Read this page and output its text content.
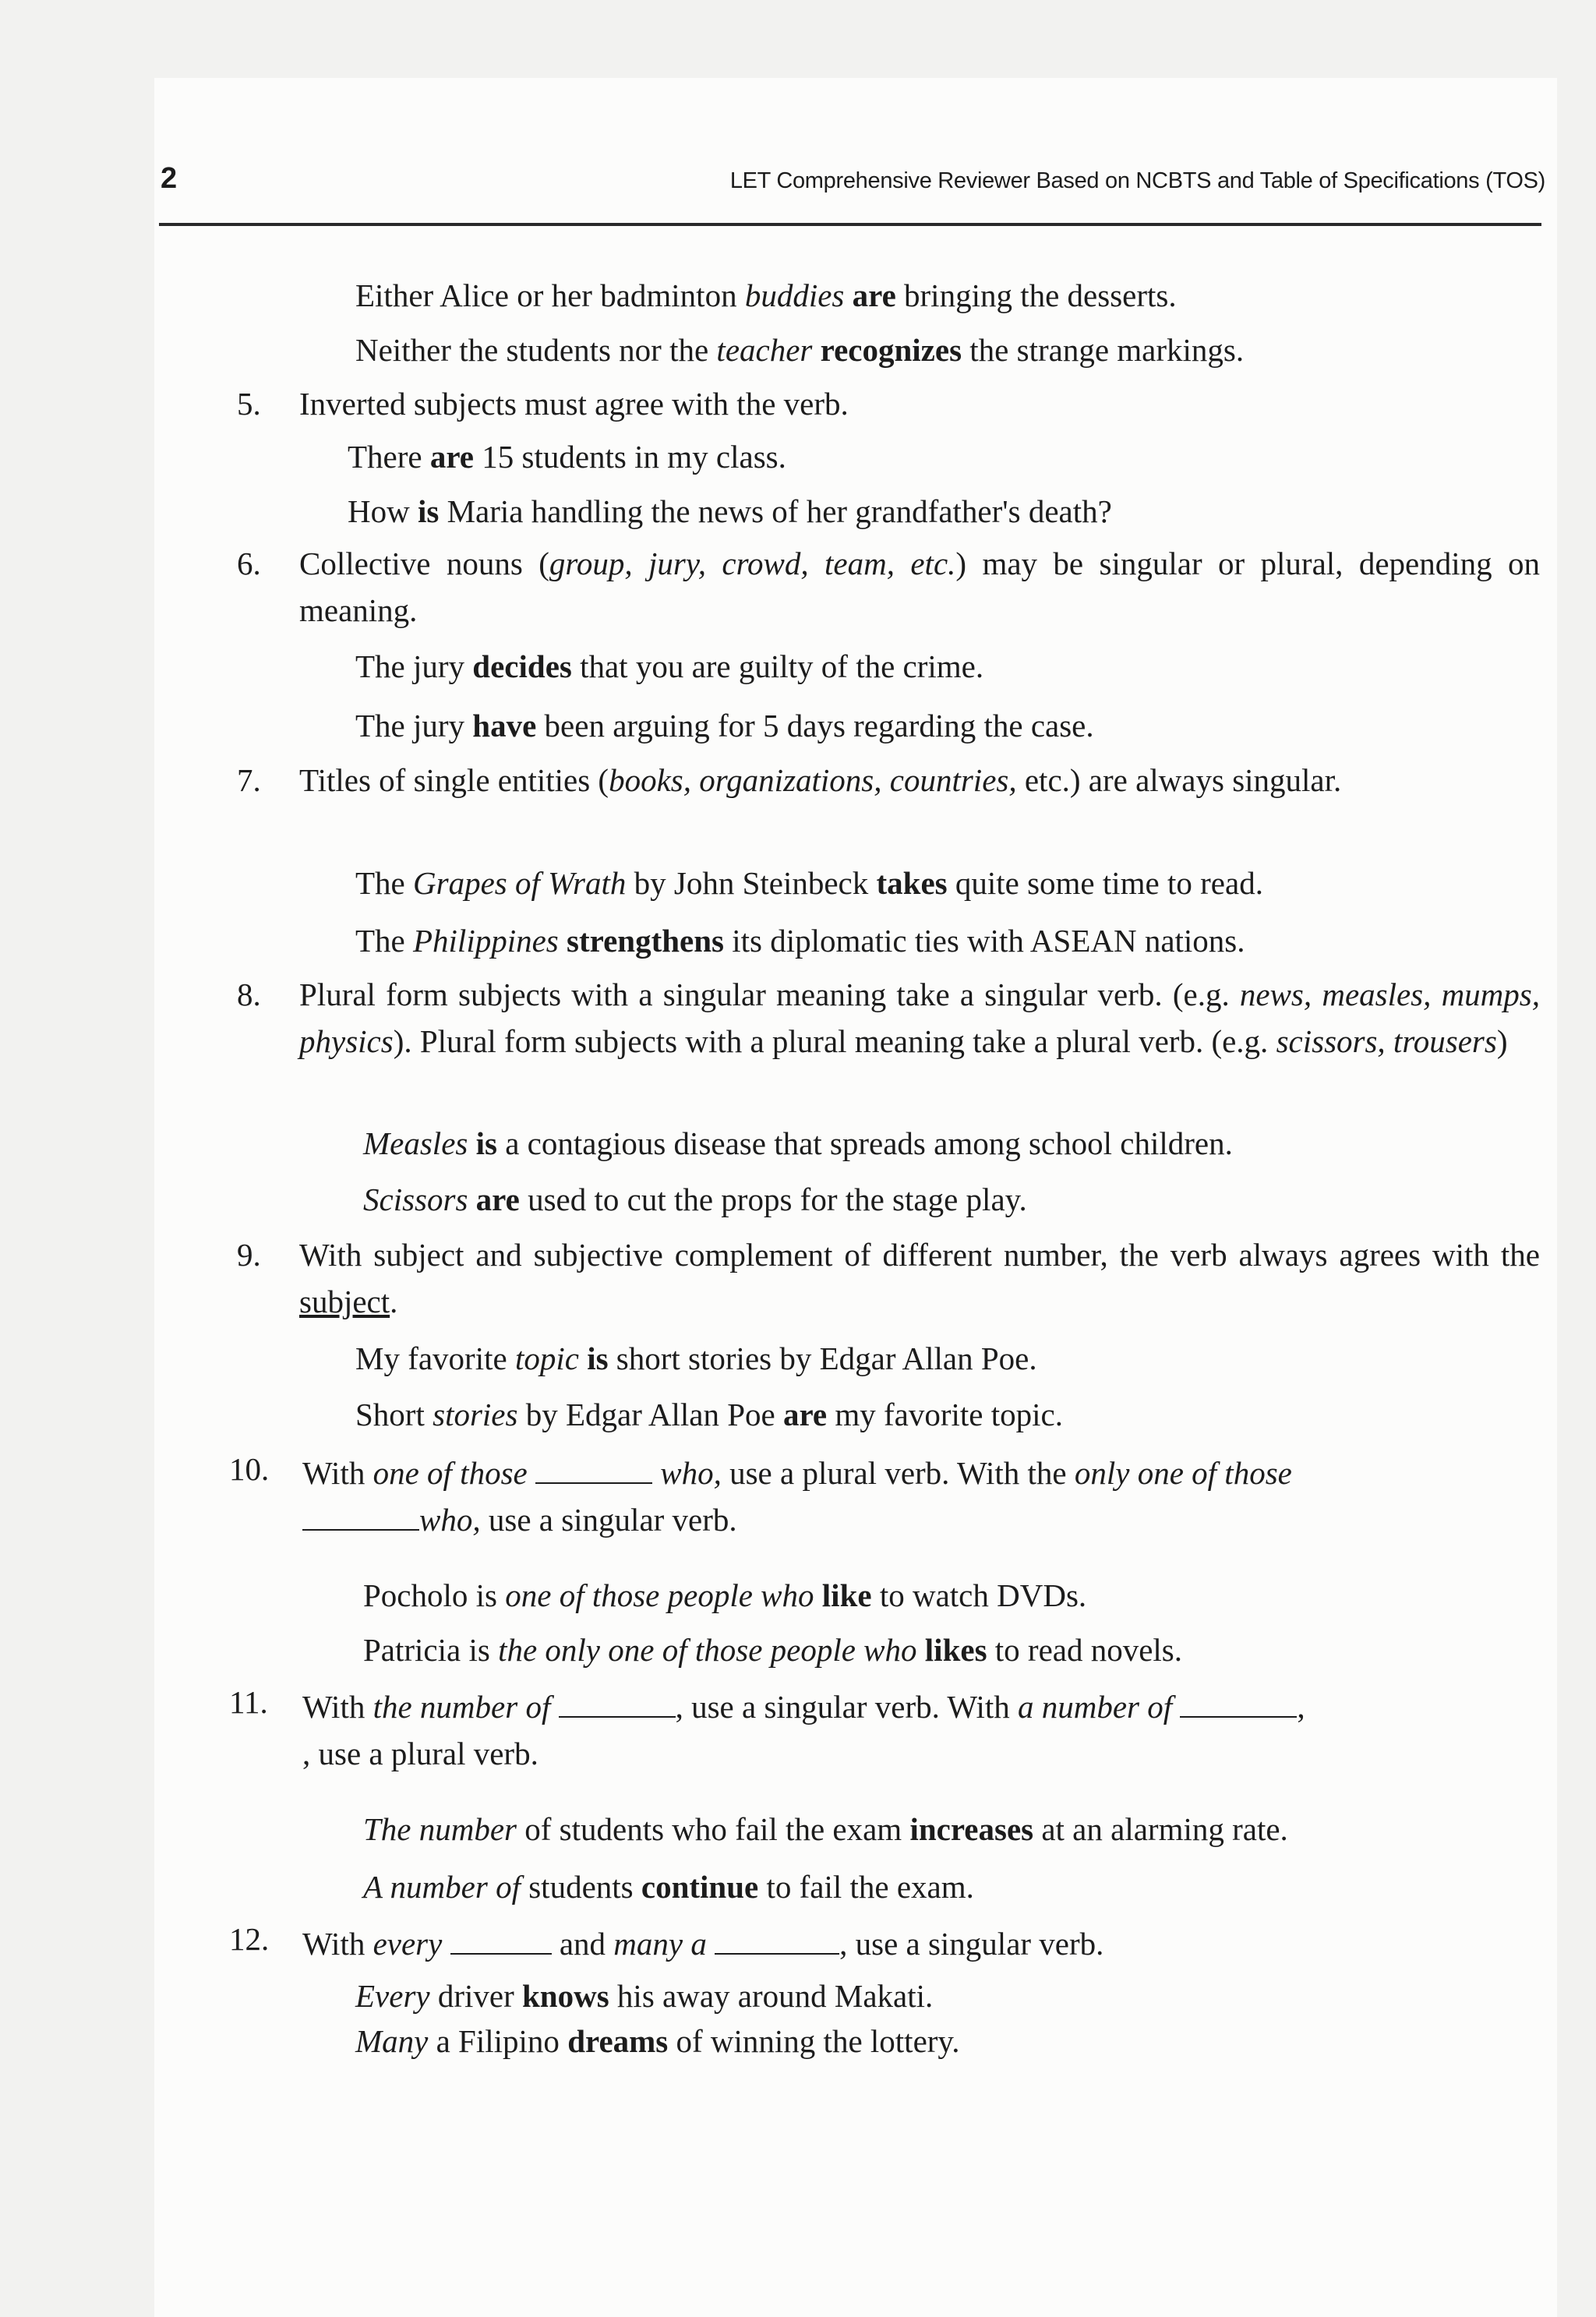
2	LET Comprehensive Reviewer Based on NCBTS and Table of Specifications (TOS)
Either Alice or her badminton buddies are bringing the desserts.
Neither the students nor the teacher recognizes the strange markings.
5. Inverted subjects must agree with the verb.
There are 15 students in my class.
How is Maria handling the news of her grandfather's death?
6. Collective nouns (group, jury, crowd, team, etc.) may be singular or plural, depending on meaning.
The jury decides that you are guilty of the crime.
The jury have been arguing for 5 days regarding the case.
7. Titles of single entities (books, organizations, countries, etc.) are always singular.
The Grapes of Wrath by John Steinbeck takes quite some time to read.
The Philippines strengthens its diplomatic ties with ASEAN nations.
8. Plural form subjects with a singular meaning take a singular verb. (e.g. news, measles, mumps, physics). Plural form subjects with a plural meaning take a plural verb. (e.g. scissors, trousers)
Measles is a contagious disease that spreads among school children.
Scissors are used to cut the props for the stage play.
9. With subject and subjective complement of different number, the verb always agrees with the subject.
My favorite topic is short stories by Edgar Allan Poe.
Short stories by Edgar Allan Poe are my favorite topic.
10. With one of those	who, use a plural verb. With the only one of those
who, use a singular verb.
Pocholo is one of those people who like to watch DVDs.
Patricia is the only one of those people who likes to read novels.
11. With the number of	, use a singular verb. With a number of	,
, use a plural verb.
The number of students who fail the exam increases at an alarming rate.
A number of students continue to fail the exam.
12. With every	and many a	, use a singular verb.
Every driver knows his away around Makati.
Many a Filipino dreams of winning the lottery.
